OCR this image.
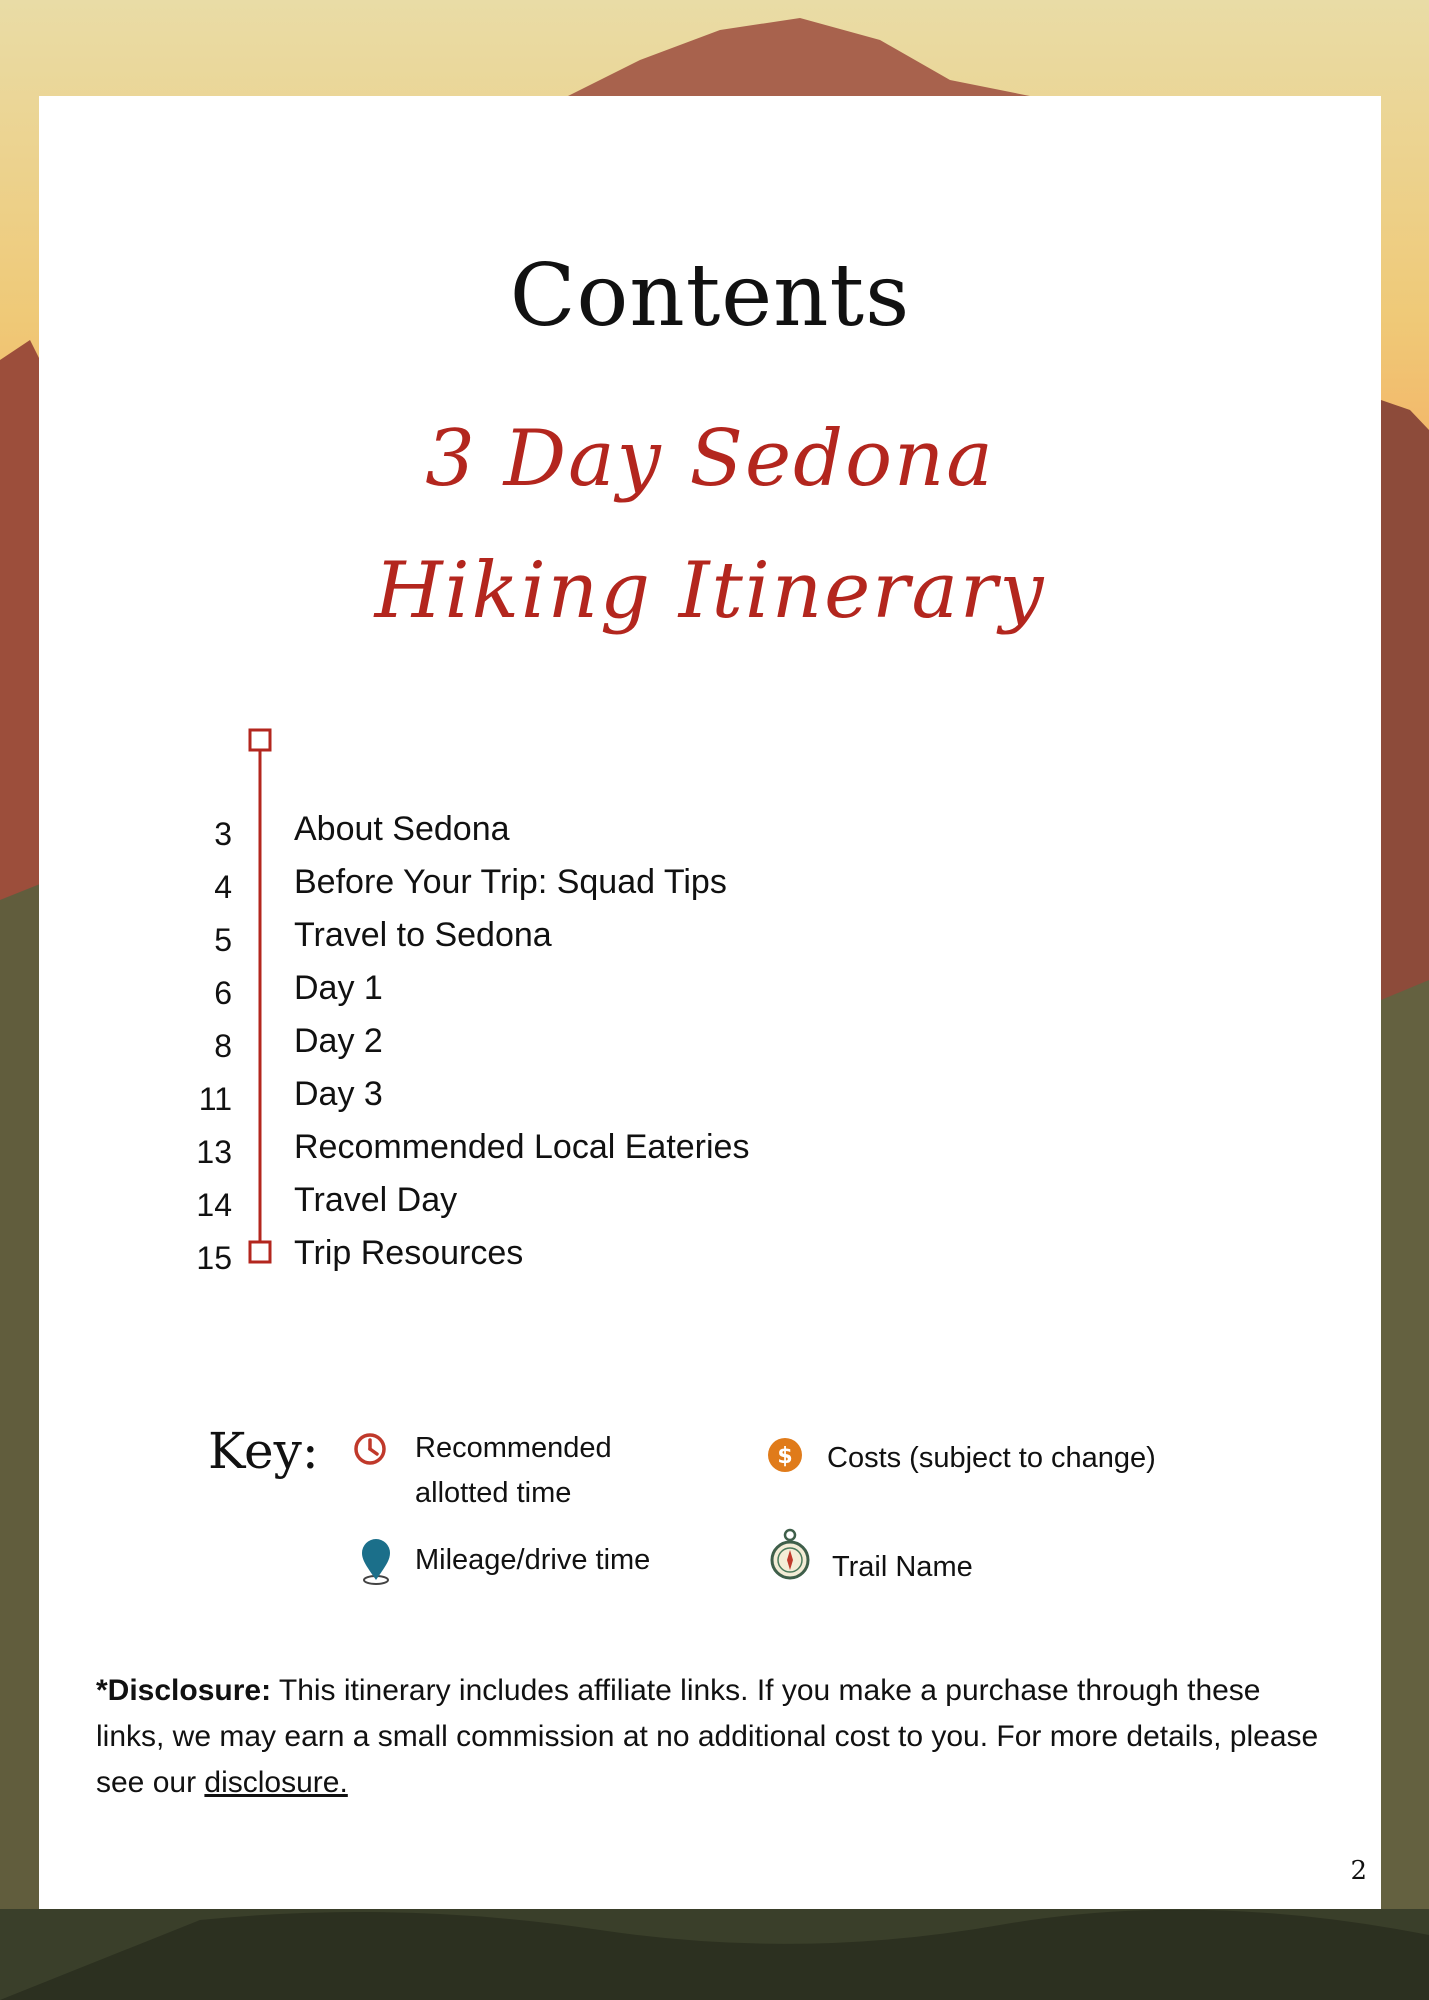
Contents
3 Day Sedona
Hiking Itinerary
3 About Sedona
4 Before Your Trip: Squad Tips
5 Travel to Sedona
6 Day 1
8 Day 2
11 Day 3
13 Recommended Local Eateries
14 Travel Day
15 Trip Resources
Key:	Recommended
allotted time
$ Costs (subject to change)
Mileage/drive time	Trail Name
*Disclosure: This itinerary includes affiliate links. If you make a purchase through these links, we may earn a small commission at no additional cost to you. For more details, please see our disclosure.
2
